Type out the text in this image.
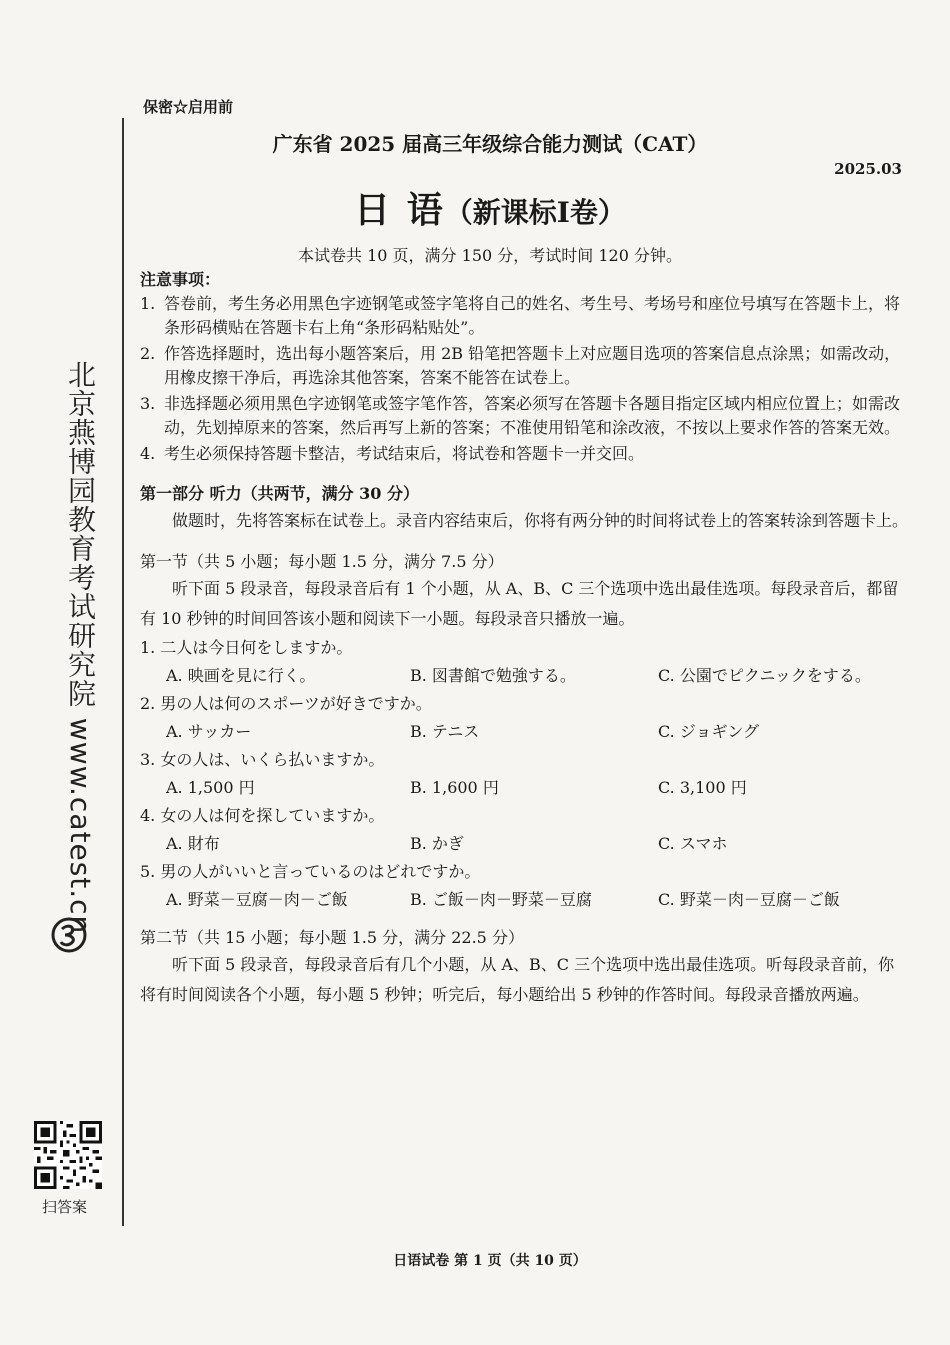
保密☆启用前
北京燕博园教育考试研究院 www.catest.cn
扫答案
广东省 2025 届高三年级综合能力测试（CAT）
2025.03
日 语（新课标Ⅰ卷）
本试卷共 10 页，满分 150 分，考试时间 120 分钟。
注意事项：
1. 答卷前，考生务必用黑色字迹钢笔或签字笔将自己的姓名、考生号、考场号和座位号填写在答题卡上，将条形码横贴在答题卡右上角“条形码粘贴处”。
2. 作答选择题时，选出每小题答案后，用 2B 铅笔把答题卡上对应题目选项的答案信息点涂黑；如需改动，用橡皮擦干净后，再选涂其他答案，答案不能答在试卷上。
3. 非选择题必须用黑色字迹钢笔或签字笔作答，答案必须写在答题卡各题目指定区域内相应位置上；如需改动，先划掉原来的答案，然后再写上新的答案；不准使用铅笔和涂改液，不按以上要求作答的答案无效。
4. 考生必须保持答题卡整洁，考试结束后，将试卷和答题卡一并交回。
第一部分 听力（共两节，满分 30 分）
做题时，先将答案标在试卷上。录音内容结束后，你将有两分钟的时间将试卷上的答案转涂到答题卡上。
第一节（共 5 小题；每小题 1.5 分，满分 7.5 分）
听下面 5 段录音，每段录音后有 1 个小题，从 A、B、C 三个选项中选出最佳选项。每段录音后，都留有 10 秒钟的时间回答该小题和阅读下一小题。每段录音只播放一遍。
1. 二人は今日何をしますか。
A. 映画を見に行く。	B. 図書館で勉強する。	C. 公園でピクニックをする。
2. 男の人は何のスポーツが好きですか。
A. サッカー	B. テニス	C. ジョギング
3. 女の人は、いくら払いますか。
A. 1,500 円	B. 1,600 円	C. 3,100 円
4. 女の人は何を探していますか。
A. 財布	B. かぎ	C. スマホ
5. 男の人がいいと言っているのはどれですか。
A. 野菜－豆腐－肉－ご飯	B. ご飯－肉－野菜－豆腐	C. 野菜－肉－豆腐－ご飯
第二节（共 15 小题；每小题 1.5 分，满分 22.5 分）
听下面 5 段录音，每段录音后有几个小题，从 A、B、C 三个选项中选出最佳选项。听每段录音前，你将有时间阅读各个小题，每小题 5 秒钟；听完后，每小题给出 5 秒钟的作答时间。每段录音播放两遍。
日语试卷 第 1 页（共 10 页）
